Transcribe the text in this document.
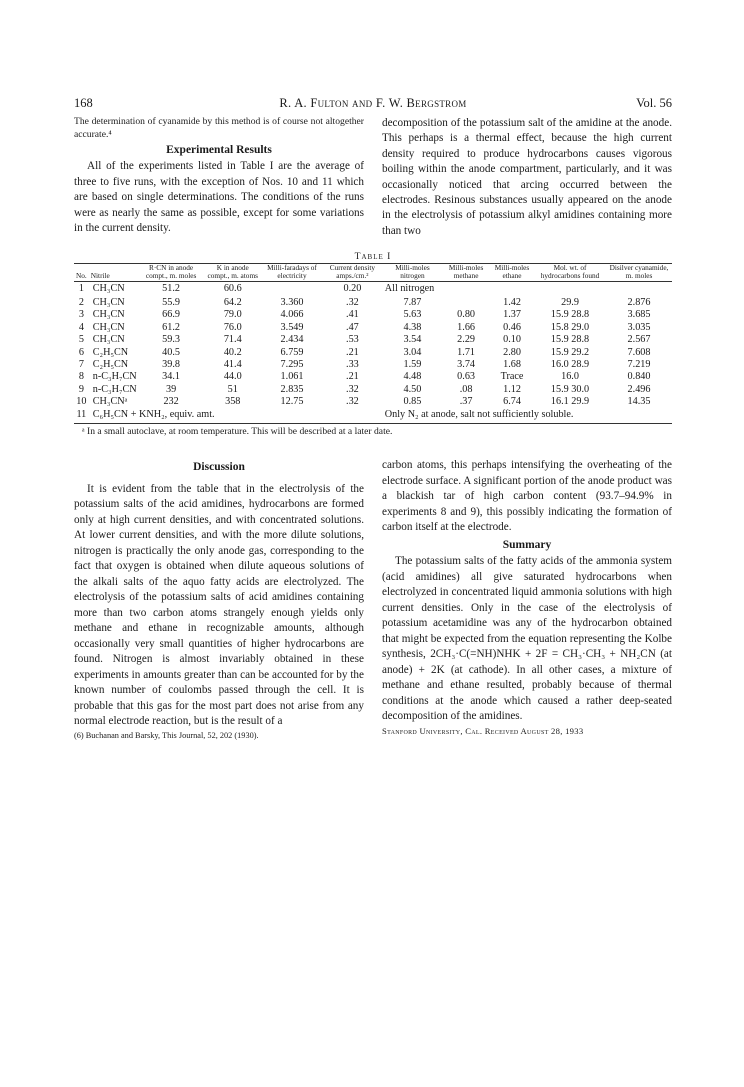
168	R. A. Fulton and F. W. Bergstrom	Vol. 56

The determination of cyanamide by this method is of course not altogether accurate.⁴

Experimental Results

All of the experiments listed in Table I are the average of three to five runs, with the exception of Nos. 10 and 11 which are based on single determinations. The conditions of the runs were as nearly the same as possible, except for some variations in the current density.

decomposition of the potassium salt of the amidine at the anode. This perhaps is a thermal effect, because the high current density required to produce hydrocarbons causes vigorous boiling within the anode compartment, particularly, and it was occasionally noticed that arcing occurred between the electrodes. Resinous substances usually appeared on the anode in the electrolysis of potassium alkyl amidines containing more than two

Table I
No.	Nitrile	R·CN in anode compt., m. moles	K in anode compt., m. atoms	Milli-faradays of electricity	Current density amps./cm.²	Milli-moles nitrogen	Milli-moles methane	Milli-moles ethane	Mol. wt. of hydrocarbons found	Disilver cyanamide, m. moles
1	CH₃CN	51.2	60.6		0.20	All nitrogen				
2	CH₃CN	55.9	64.2	3.360	.32	7.87		1.42	29.9	2.876
3	CH₃CN	66.9	79.0	4.066	.41	5.63	0.80	1.37	15.9 28.8	3.685
4	CH₃CN	61.2	76.0	3.549	.47	4.38	1.66	0.46	15.8 29.0	3.035
5	CH₃CN	59.3	71.4	2.434	.53	3.54	2.29	0.10	15.9 28.8	2.567
6	C₂H₅CN	40.5	40.2	6.759	.21	3.04	1.71	2.80	15.9 29.2	7.608
7	C₂H₅CN	39.8	41.4	7.295	.33	1.59	3.74	1.68	16.0 28.9	7.219
8	n-C₃H₇CN	34.1	44.0	1.061	.21	4.48	0.63	Trace	16.0	0.840
9	n-C₃H₇CN	39	51	2.835	.32	4.50	.08	1.12	15.9 30.0	2.496
10	CH₃CNᵃ	232	358	12.75	.32	0.85	.37	6.74	16.1 29.9	14.35
11	C₆H₅CN + KNH₂, equiv. amt.					Only N₂ at anode, salt not sufficiently soluble.				
ᵃ In a small autoclave, at room temperature. This will be described at a later date.
Discussion

It is evident from the table that in the electrolysis of the potassium salts of the acid amidines, hydrocarbons are formed only at high current densities, and with concentrated solutions. At lower current densities, and with the more dilute solutions, nitrogen is practically the only anode gas, corresponding to the fact that oxygen is obtained when dilute aqueous solutions of the alkali salts of the aquo fatty acids are electrolyzed. The electrolysis of the potassium salts of acid amidines containing more than two carbon atoms strangely enough yields only methane and ethane in recognizable amounts, although occasionally very small quantities of higher hydrocarbons are found. Nitrogen is almost invariably obtained in these experiments in amounts greater than can be accounted for by the known number of coulombs passed through the cell. It is probable that this gas for the most part does not arise from any normal electrode reaction, but is the result of a

(6) Buchanan and Barsky, This Journal, 52, 202 (1930).

carbon atoms, this perhaps intensifying the overheating of the electrode surface. A significant portion of the anode product was a blackish tar of high carbon content (93.7–94.9% in experiments 8 and 9), this possibly indicating the formation of carbon itself at the electrode.

Summary

The potassium salts of the fatty acids of the ammonia system (acid amidines) all give saturated hydrocarbons when electrolyzed in concentrated liquid ammonia solutions with high current densities. Only in the case of the electrolysis of potassium acetamidine was any of the hydrocarbon obtained that might be expected from the equation representing the Kolbe synthesis, 2CH₃·C(=NH)NHK + 2F = CH₃·CH₃ + NH₂CN (at anode) + 2K (at cathode). In all other cases, a mixture of methane and ethane resulted, probably because of thermal conditions at the anode which caused a rather deep-seated decomposition of the amidines.

Stanford University, Cal. Received August 28, 1933
